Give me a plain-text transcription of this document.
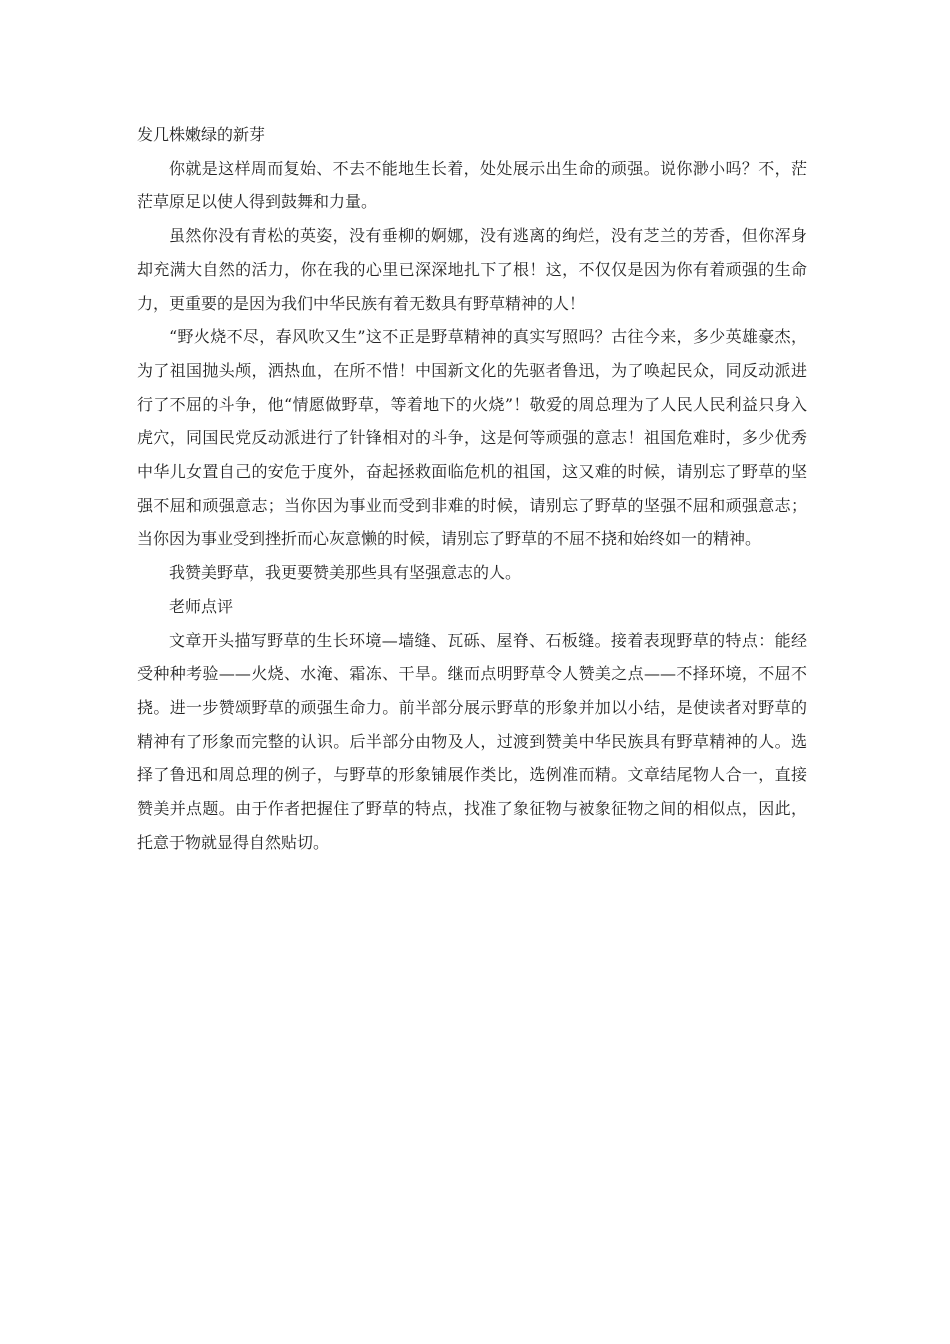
发几株嫩绿的新芽

你就是这样周而复始、不去不能地生长着，处处展示出生命的顽强。说你渺小吗？不，茫茫草原足以使人得到鼓舞和力量。

虽然你没有青松的英姿，没有垂柳的婀娜，没有逃离的绚烂，没有芝兰的芳香，但你浑身却充满大自然的活力，你在我的心里已深深地扎下了根！这，不仅仅是因为你有着顽强的生命力，更重要的是因为我们中华民族有着无数具有野草精神的人！

“野火烧不尽，春风吹又生”这不正是野草精神的真实写照吗？古往今来，多少英雄豪杰，为了祖国抛头颅，洒热血，在所不惜！中国新文化的先驱者鲁迅，为了唤起民众，同反动派进行了不屈的斗争，他“情愿做野草，等着地下的火烧”！敬爱的周总理为了人民人民利益只身入虎穴，同国民党反动派进行了针锋相对的斗争，这是何等顽强的意志！祖国危难时，多少优秀中华儿女置自己的安危于度外，奋起拯救面临危机的祖国，这又难的时候，请别忘了野草的坚强不屈和顽强意志；当你因为事业而受到非难的时候，请别忘了野草的坚强不屈和顽强意志；当你因为事业受到挫折而心灰意懒的时候，请别忘了野草的不屈不挠和始终如一的精神。

我赞美野草，我更要赞美那些具有坚强意志的人。

老师点评

文章开头描写野草的生长环境—墙缝、瓦砾、屋脊、石板缝。接着表现野草的特点：能经受种种考验——火烧、水淹、霜冻、干旱。继而点明野草令人赞美之点——不择环境，不屈不挠。进一步赞颂野草的顽强生命力。前半部分展示野草的形象并加以小结，是使读者对野草的精神有了形象而完整的认识。后半部分由物及人，过渡到赞美中华民族具有野草精神的人。选择了鲁迅和周总理的例子，与野草的形象铺展作类比，选例准而精。文章结尾物人合一，直接赞美并点题。由于作者把握住了野草的特点，找准了象征物与被象征物之间的相似点，因此，托意于物就显得自然贴切。
